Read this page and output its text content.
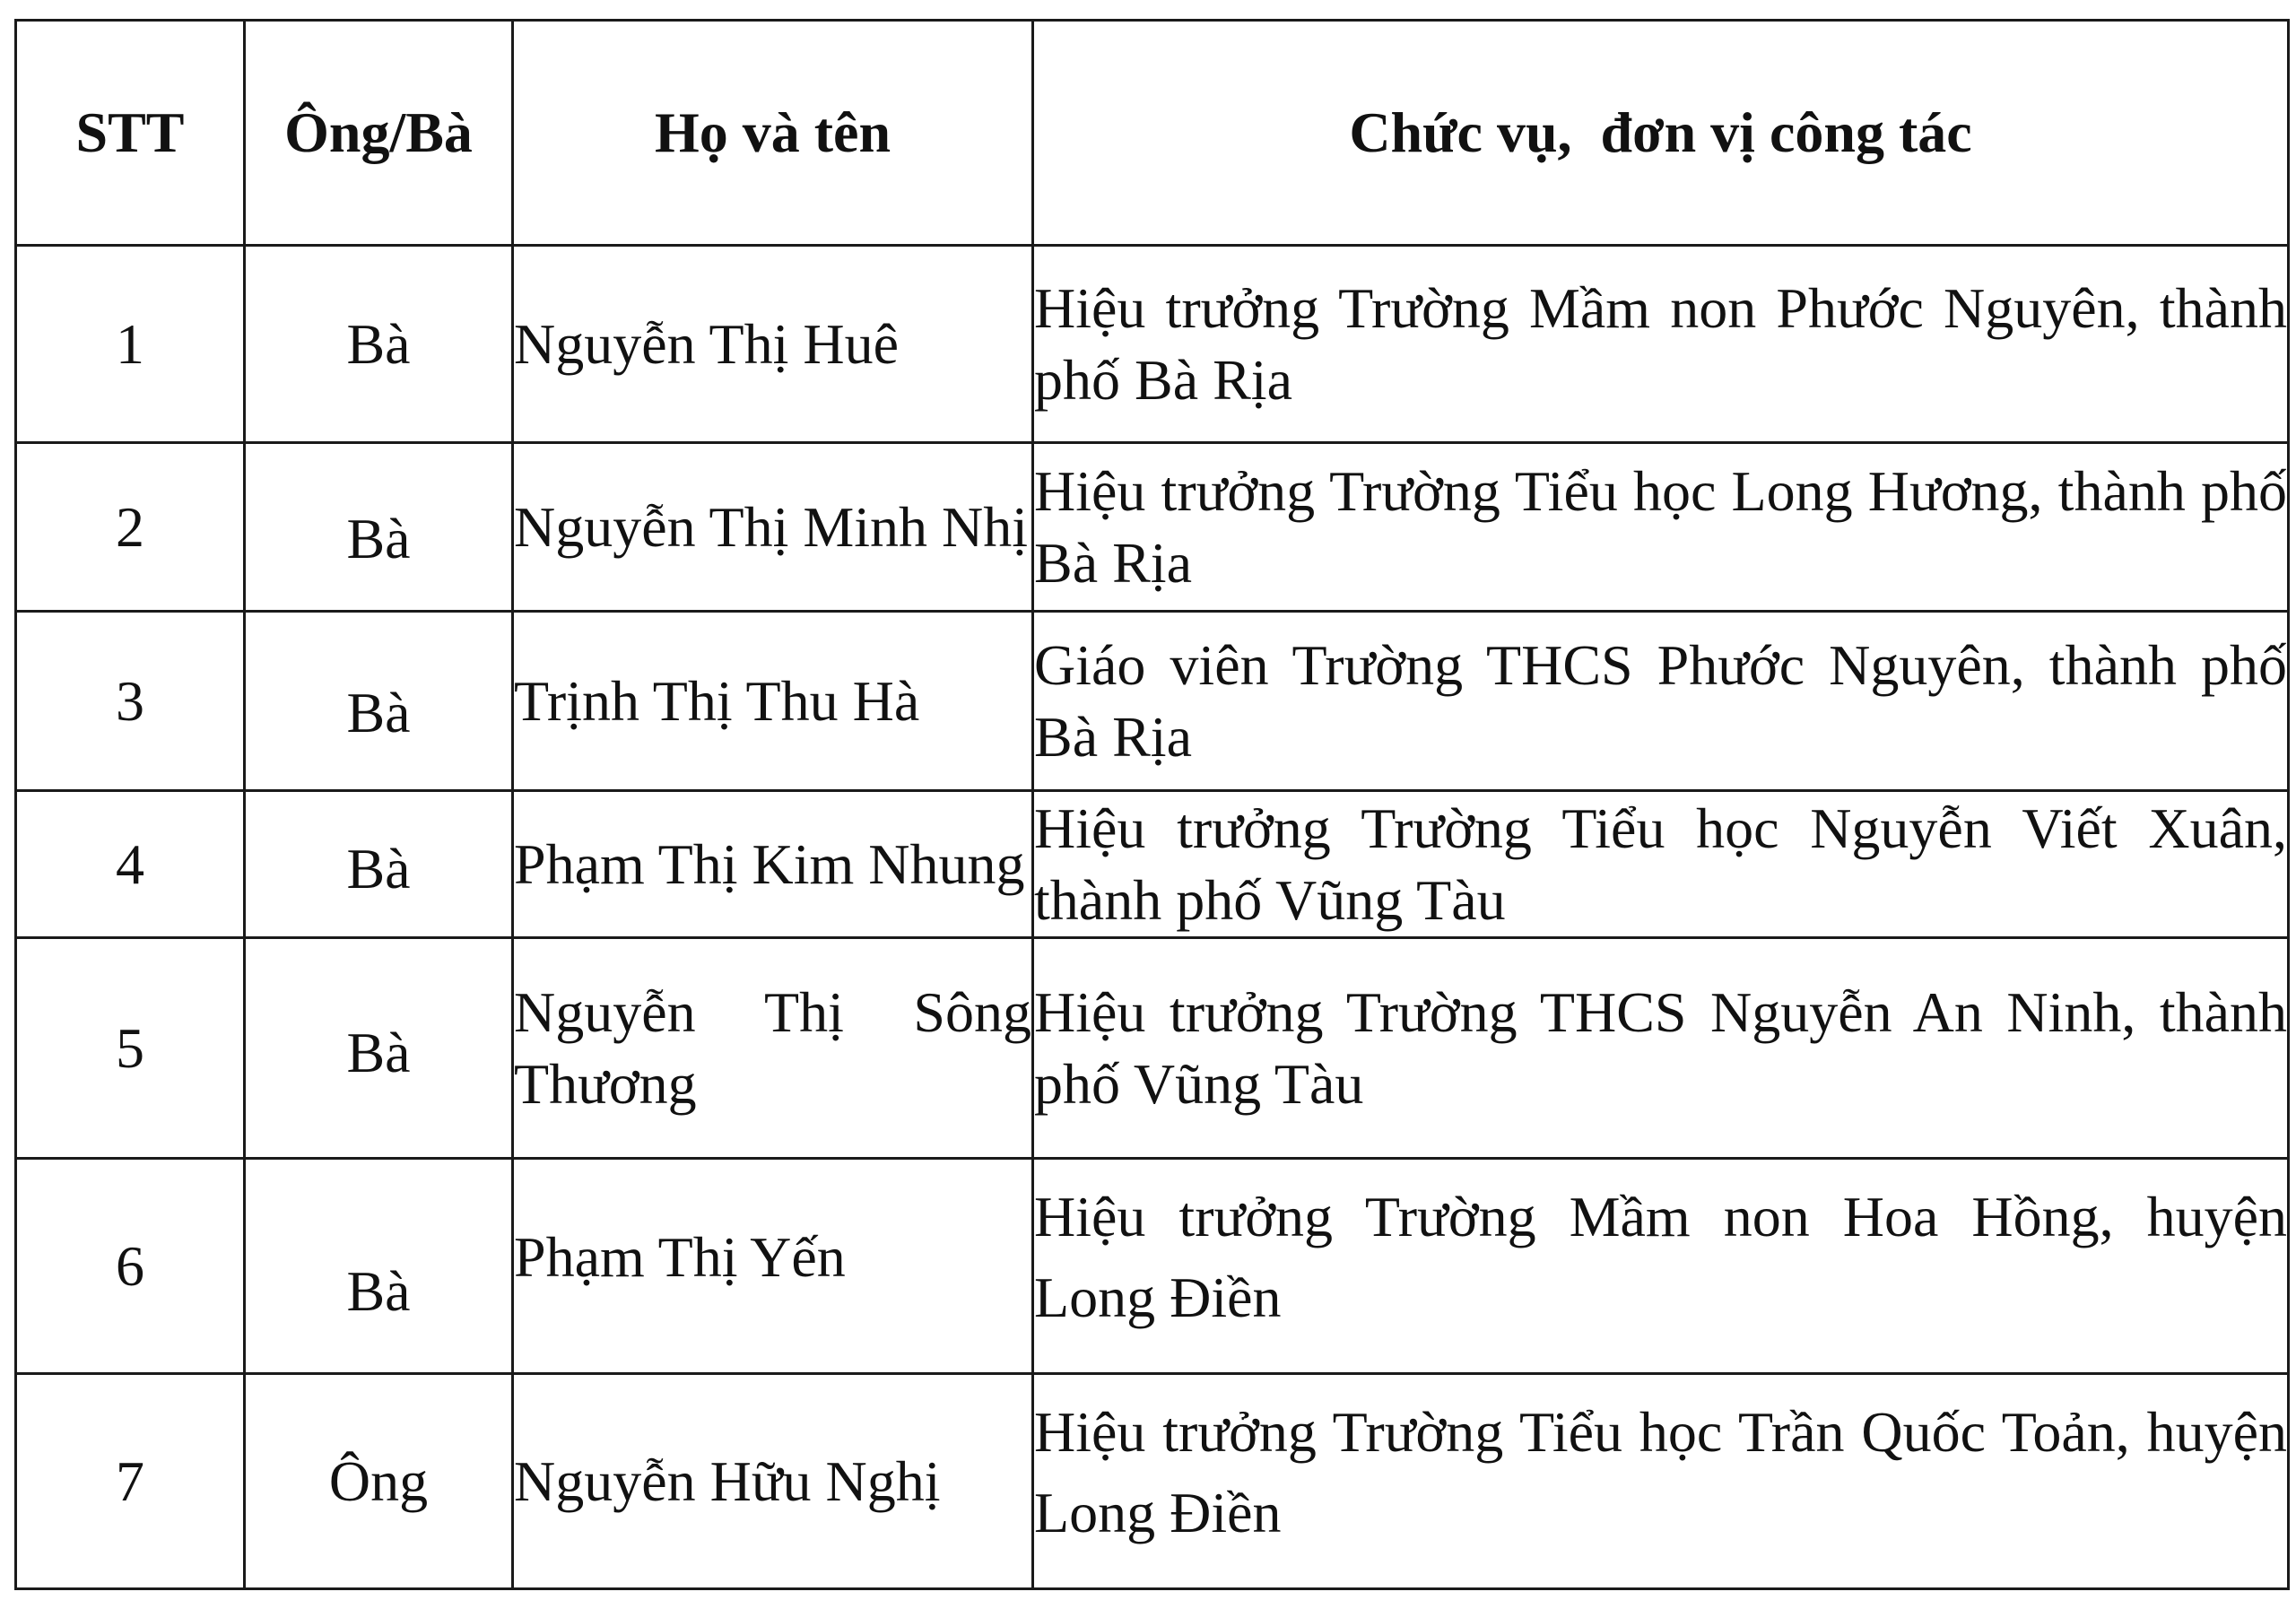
STT	Ông/Bà	Họ và tên	Chức vụ,  đơn vị công tác
1	Bà	Nguyễn Thị Huê	Hiệu trưởng Trường Mầm non Phước Nguyên, thành phố Bà Rịa

2	Bà	Nguyễn Thị Minh Nhị	Hiệu trưởng Trường Tiểu học Long Hương, thành phố Bà Rịa

3	Bà	Trịnh Thị Thu Hà	Giáo viên Trường THCS Phước Nguyên, thành phố Bà Rịa

4	Bà	Phạm Thị Kim Nhung	Hiệu trưởng Trường Tiểu học Nguyễn Viết Xuân, thành phố Vũng Tàu

5	Bà	Nguyễn Thị Sông Thương	Hiệu trưởng Trường THCS Nguyễn An Ninh, thành phố Vũng Tàu

6	Bà	Phạm Thị Yến	Hiệu trưởng Trường Mầm non Hoa Hồng, huyện Long Điền

7	Ông	Nguyễn Hữu Nghị	Hiệu trưởng Trường Tiểu học Trần Quốc Toản, huyện Long Điền
